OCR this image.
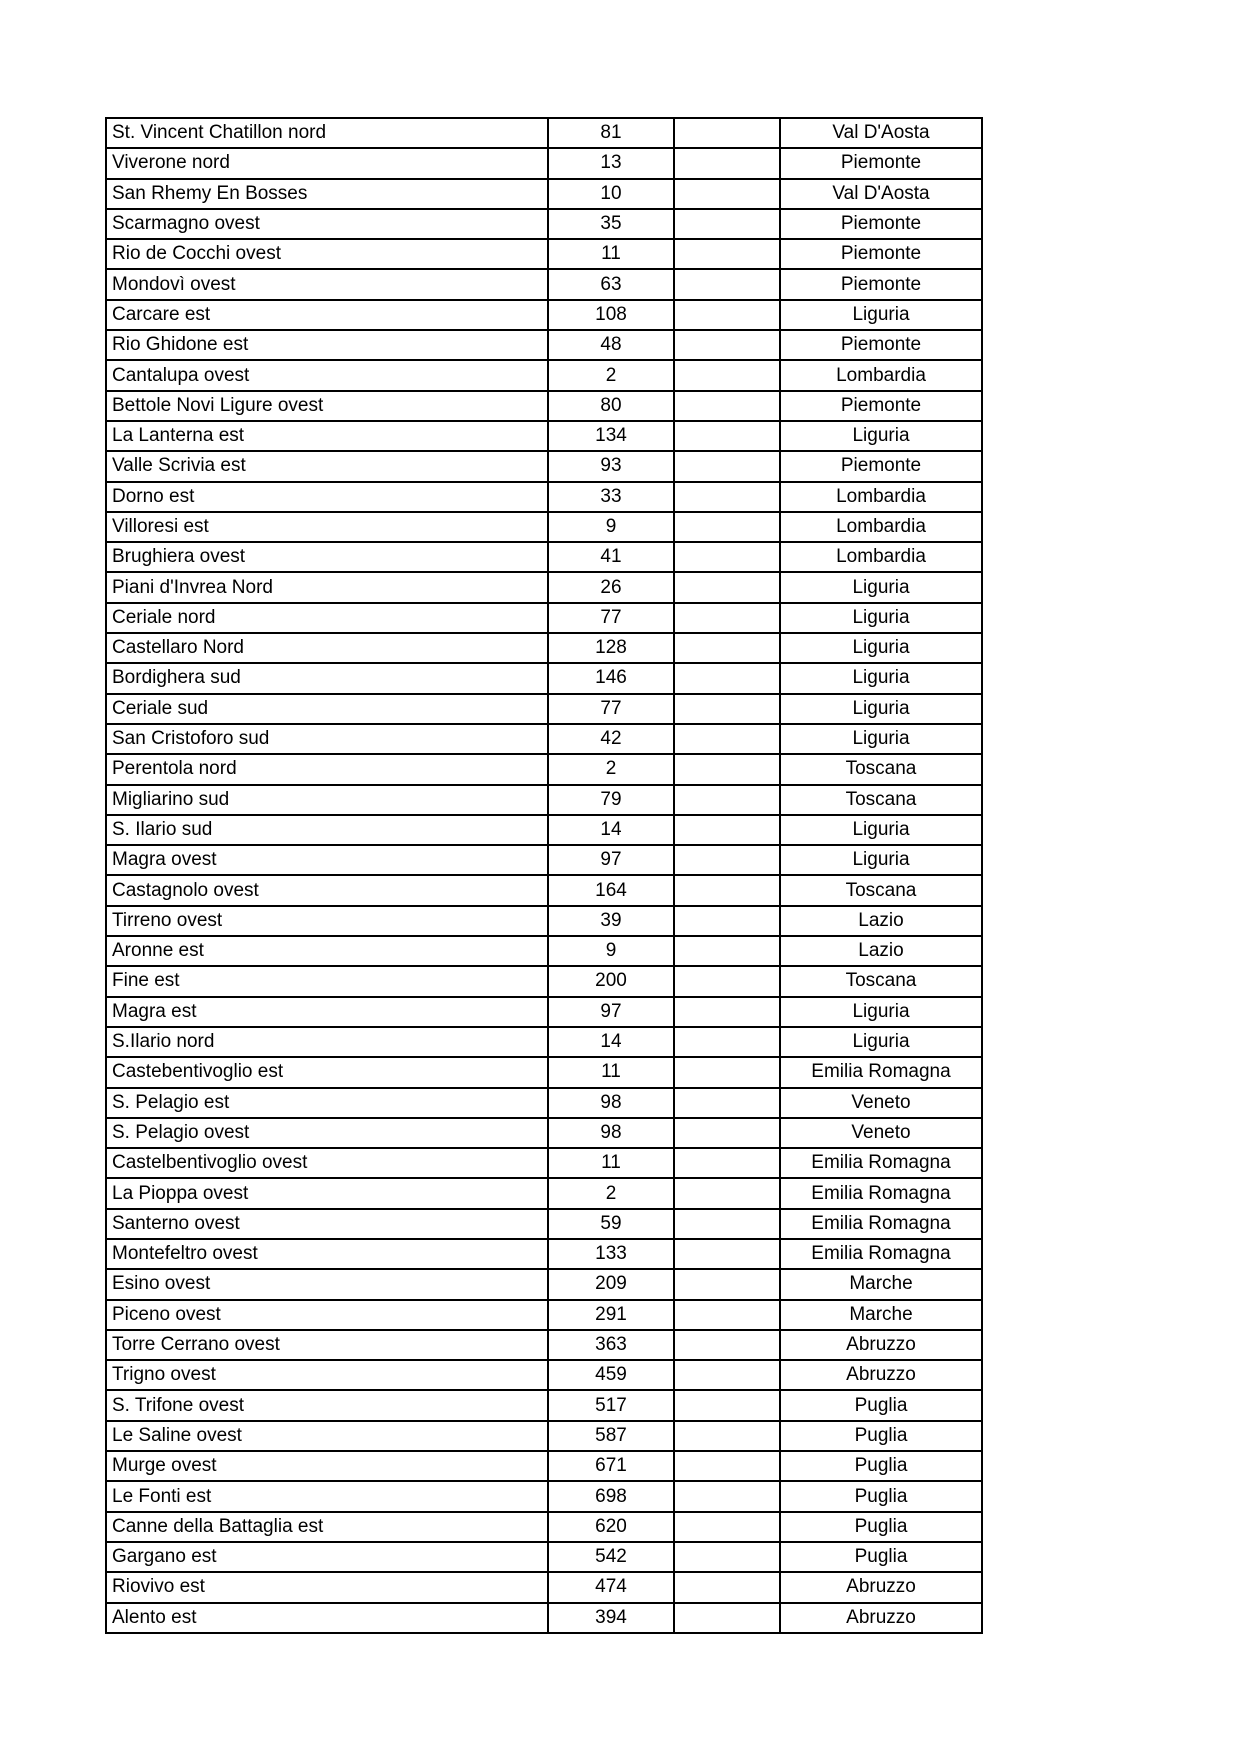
St. Vincent Chatillon nord	81		Val D'Aosta
Viverone nord	13		Piemonte
San Rhemy En Bosses	10		Val D'Aosta
Scarmagno ovest	35		Piemonte
Rio de Cocchi ovest	11		Piemonte
Mondovì ovest	63		Piemonte
Carcare est	108		Liguria
Rio Ghidone est	48		Piemonte
Cantalupa ovest	2		Lombardia
Bettole Novi Ligure ovest	80		Piemonte
La Lanterna est	134		Liguria
Valle Scrivia est	93		Piemonte
Dorno est	33		Lombardia
Villoresi est	9		Lombardia
Brughiera ovest	41		Lombardia
Piani d'Invrea Nord	26		Liguria
Ceriale nord	77		Liguria
Castellaro Nord	128		Liguria
Bordighera sud	146		Liguria
Ceriale sud	77		Liguria
San Cristoforo sud	42		Liguria
Perentola nord	2		Toscana
Migliarino sud	79		Toscana
S. Ilario sud	14		Liguria
Magra ovest	97		Liguria
Castagnolo ovest	164		Toscana
Tirreno ovest	39		Lazio
Aronne est	9		Lazio
Fine est	200		Toscana
Magra est	97		Liguria
S.Ilario nord	14		Liguria
Castebentivoglio est	11		Emilia Romagna
S. Pelagio est	98		Veneto
S. Pelagio ovest	98		Veneto
Castelbentivoglio ovest	11		Emilia Romagna
La Pioppa ovest	2		Emilia Romagna
Santerno ovest	59		Emilia Romagna
Montefeltro ovest	133		Emilia Romagna
Esino ovest	209		Marche
Piceno ovest	291		Marche
Torre Cerrano ovest	363		Abruzzo
Trigno ovest	459		Abruzzo
S. Trifone ovest	517		Puglia
Le Saline ovest	587		Puglia
Murge ovest	671		Puglia
Le Fonti est	698		Puglia
Canne della Battaglia est	620		Puglia
Gargano est	542		Puglia
Riovivo est	474		Abruzzo
Alento est	394		Abruzzo
